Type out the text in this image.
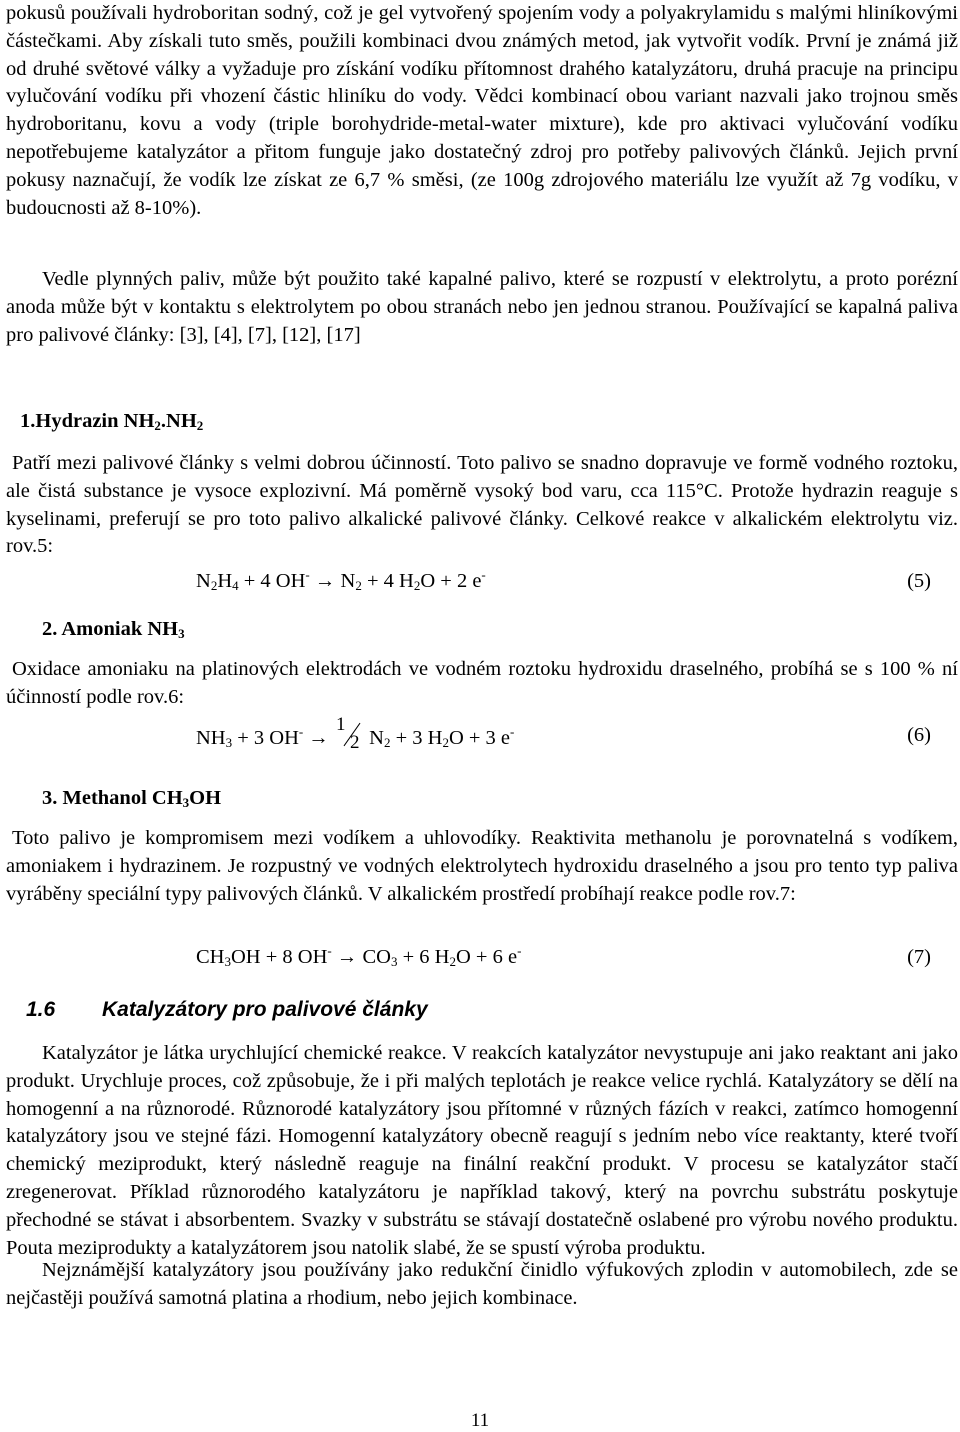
pokusů používali hydroboritan sodný, což je gel vytvořený spojením vody a polyakrylamidu s malými hliníkovými částečkami. Aby získali tuto směs, použili kombinaci dvou známých metod, jak vytvořit vodík. První je známá již od druhé světové války a vyžaduje pro získání vodíku přítomnost drahého katalyzátoru, druhá pracuje na principu vylučování vodíku při vhození částic hliníku do vody. Vědci kombinací obou variant nazvali jako trojnou směs hydroboritanu, kovu a vody (triple borohydride-metal-water mixture), kde pro aktivaci vylučování vodíku nepotřebujeme katalyzátor a přitom funguje jako dostatečný zdroj pro potřeby palivových článků. Jejich první pokusy naznačují, že vodík lze získat ze 6,7 % směsi, (ze 100g zdrojového materiálu lze využít až 7g vodíku, v budoucnosti až 8-10%).
Vedle plynných paliv, může být použito také kapalné palivo, které se rozpustí v elektrolytu, a proto porézní anoda může být v kontaktu s elektrolytem po obou stranách nebo jen jednou stranou. Používající se kapalná paliva pro palivové články: [3], [4], [7], [12], [17]
1.Hydrazin $NH_2.NH_2$
Patří mezi palivové články s velmi dobrou účinností. Toto palivo se snadno dopravuje ve formě vodného roztoku, ale čistá substance je vysoce explozivní. Má poměrně vysoký bod varu, cca 115°C. Protože hydrazin reaguje s kyselinami, preferují se pro toto palivo alkalické palivové články. Celkové reakce v alkalickém elektrolytu viz. rov.5:
$N_2H_4 + 4$ $OH^- \to N_2 + 4$ $H_2O + 2$ e-	(5)
2. Amoniak $NH_3$
Oxidace amoniaku na platinových elektrodách ve vodném roztoku hydroxidu draselného, probíhá se s 100 % ní účinností podle rov.6:
$NH_3 + 3$ OH- →
1
2 $N_2 + 3$ $H_2O + 3$ e-	(6)
3. Methanol $CH_3OH$
Toto palivo je kompromisem mezi vodíkem a uhlovodíky. Reaktivita methanolu je porovnatelná s vodíkem, amoniakem i hydrazinem. Je rozpustný ve vodných elektrolytech hydroxidu draselného a jsou pro tento typ paliva vyráběny speciální typy palivových článků. V alkalickém prostředí probíhají reakce podle rov.7:
$CH_3OH + 8$ $OH^- \to CO_3 + 6$ $H_2O + 6$ e-	(7)
1.6 Katalyzátory pro palivové články
Katalyzátor je látka urychlující chemické reakce. V reakcích katalyzátor nevystupuje ani jako reaktant ani jako produkt. Urychluje proces, což způsobuje, že i při malých teplotách je reakce velice rychlá. Katalyzátory se dělí na homogenní a na různorodé. Různorodé katalyzátory jsou přítomné v různých fázích v reakci, zatímco homogenní katalyzátory jsou ve stejné fázi. Homogenní katalyzátory obecně reagují s jedním nebo více reaktanty, které tvoří chemický meziprodukt, který následně reaguje na finální reakční produkt. V procesu se katalyzátor stačí zregenerovat. Příklad různorodého katalyzátoru je například takový, který na povrchu substrátu poskytuje přechodné se stávat i absorbentem. Svazky v substrátu se stávají dostatečně oslabené pro výrobu nového produktu. Pouta meziprodukty a katalyzátorem jsou natolik slabé, že se spustí výroba produktu.
Nejznámější katalyzátory jsou používány jako redukční činidlo výfukových zplodin v automobilech, zde se nejčastěji používá samotná platina a rhodium, nebo jejich kombinace.
11
